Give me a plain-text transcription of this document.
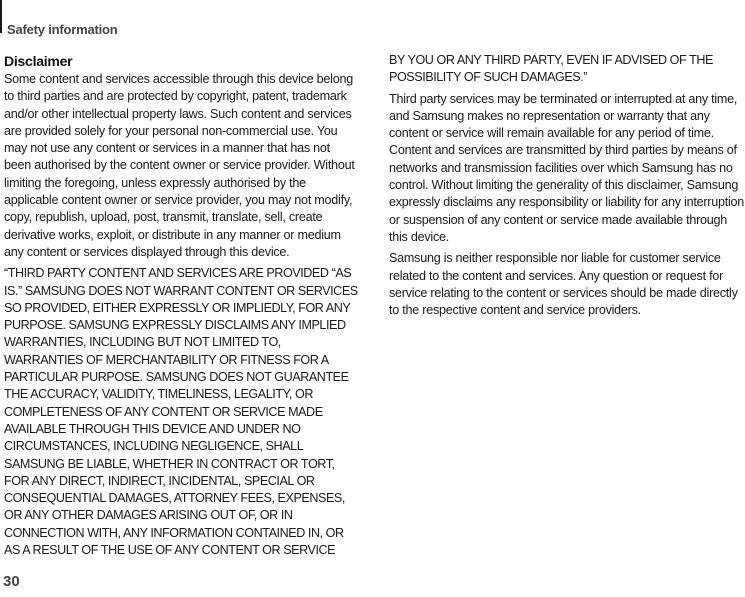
Safety information
Disclaimer

Some content and services accessible through this device belong to third parties and are protected by copyright, patent, trademark and/or other intellectual property laws. Such content and services are provided solely for your personal non-commercial use. You may not use any content or services in a manner that has not been authorised by the content owner or service provider. Without limiting the foregoing, unless expressly authorised by the applicable content owner or service provider, you may not modify, copy, republish, upload, post, transmit, translate, sell, create derivative works, exploit, or distribute in any manner or medium any content or services displayed through this device.

“THIRD PARTY CONTENT AND SERVICES ARE PROVIDED “AS IS.” SAMSUNG DOES NOT WARRANT CONTENT OR SERVICES SO PROVIDED, EITHER EXPRESSLY OR IMPLIEDLY, FOR ANY PURPOSE. SAMSUNG EXPRESSLY DISCLAIMS ANY IMPLIED WARRANTIES, INCLUDING BUT NOT LIMITED TO, WARRANTIES OF MERCHANTABILITY OR FITNESS FOR A PARTICULAR PURPOSE. SAMSUNG DOES NOT GUARANTEE THE ACCURACY, VALIDITY, TIMELINESS, LEGALITY, OR COMPLETENESS OF ANY CONTENT OR SERVICE MADE AVAILABLE THROUGH THIS DEVICE AND UNDER NO CIRCUMSTANCES, INCLUDING NEGLIGENCE, SHALL SAMSUNG BE LIABLE, WHETHER IN CONTRACT OR TORT, FOR ANY DIRECT, INDIRECT, INCIDENTAL, SPECIAL OR CONSEQUENTIAL DAMAGES, ATTORNEY FEES, EXPENSES, OR ANY OTHER DAMAGES ARISING OUT OF, OR IN CONNECTION WITH, ANY INFORMATION CONTAINED IN, OR AS A RESULT OF THE USE OF ANY CONTENT OR SERVICE

BY YOU OR ANY THIRD PARTY, EVEN IF ADVISED OF THE POSSIBILITY OF SUCH DAMAGES.”

Third party services may be terminated or interrupted at any time, and Samsung makes no representation or warranty that any content or service will remain available for any period of time. Content and services are transmitted by third parties by means of networks and transmission facilities over which Samsung has no control. Without limiting the generality of this disclaimer, Samsung expressly disclaims any responsibility or liability for any interruption or suspension of any content or service made available through this device.

Samsung is neither responsible nor liable for customer service related to the content and services. Any question or request for service relating to the content or services should be made directly to the respective content and service providers.

30
